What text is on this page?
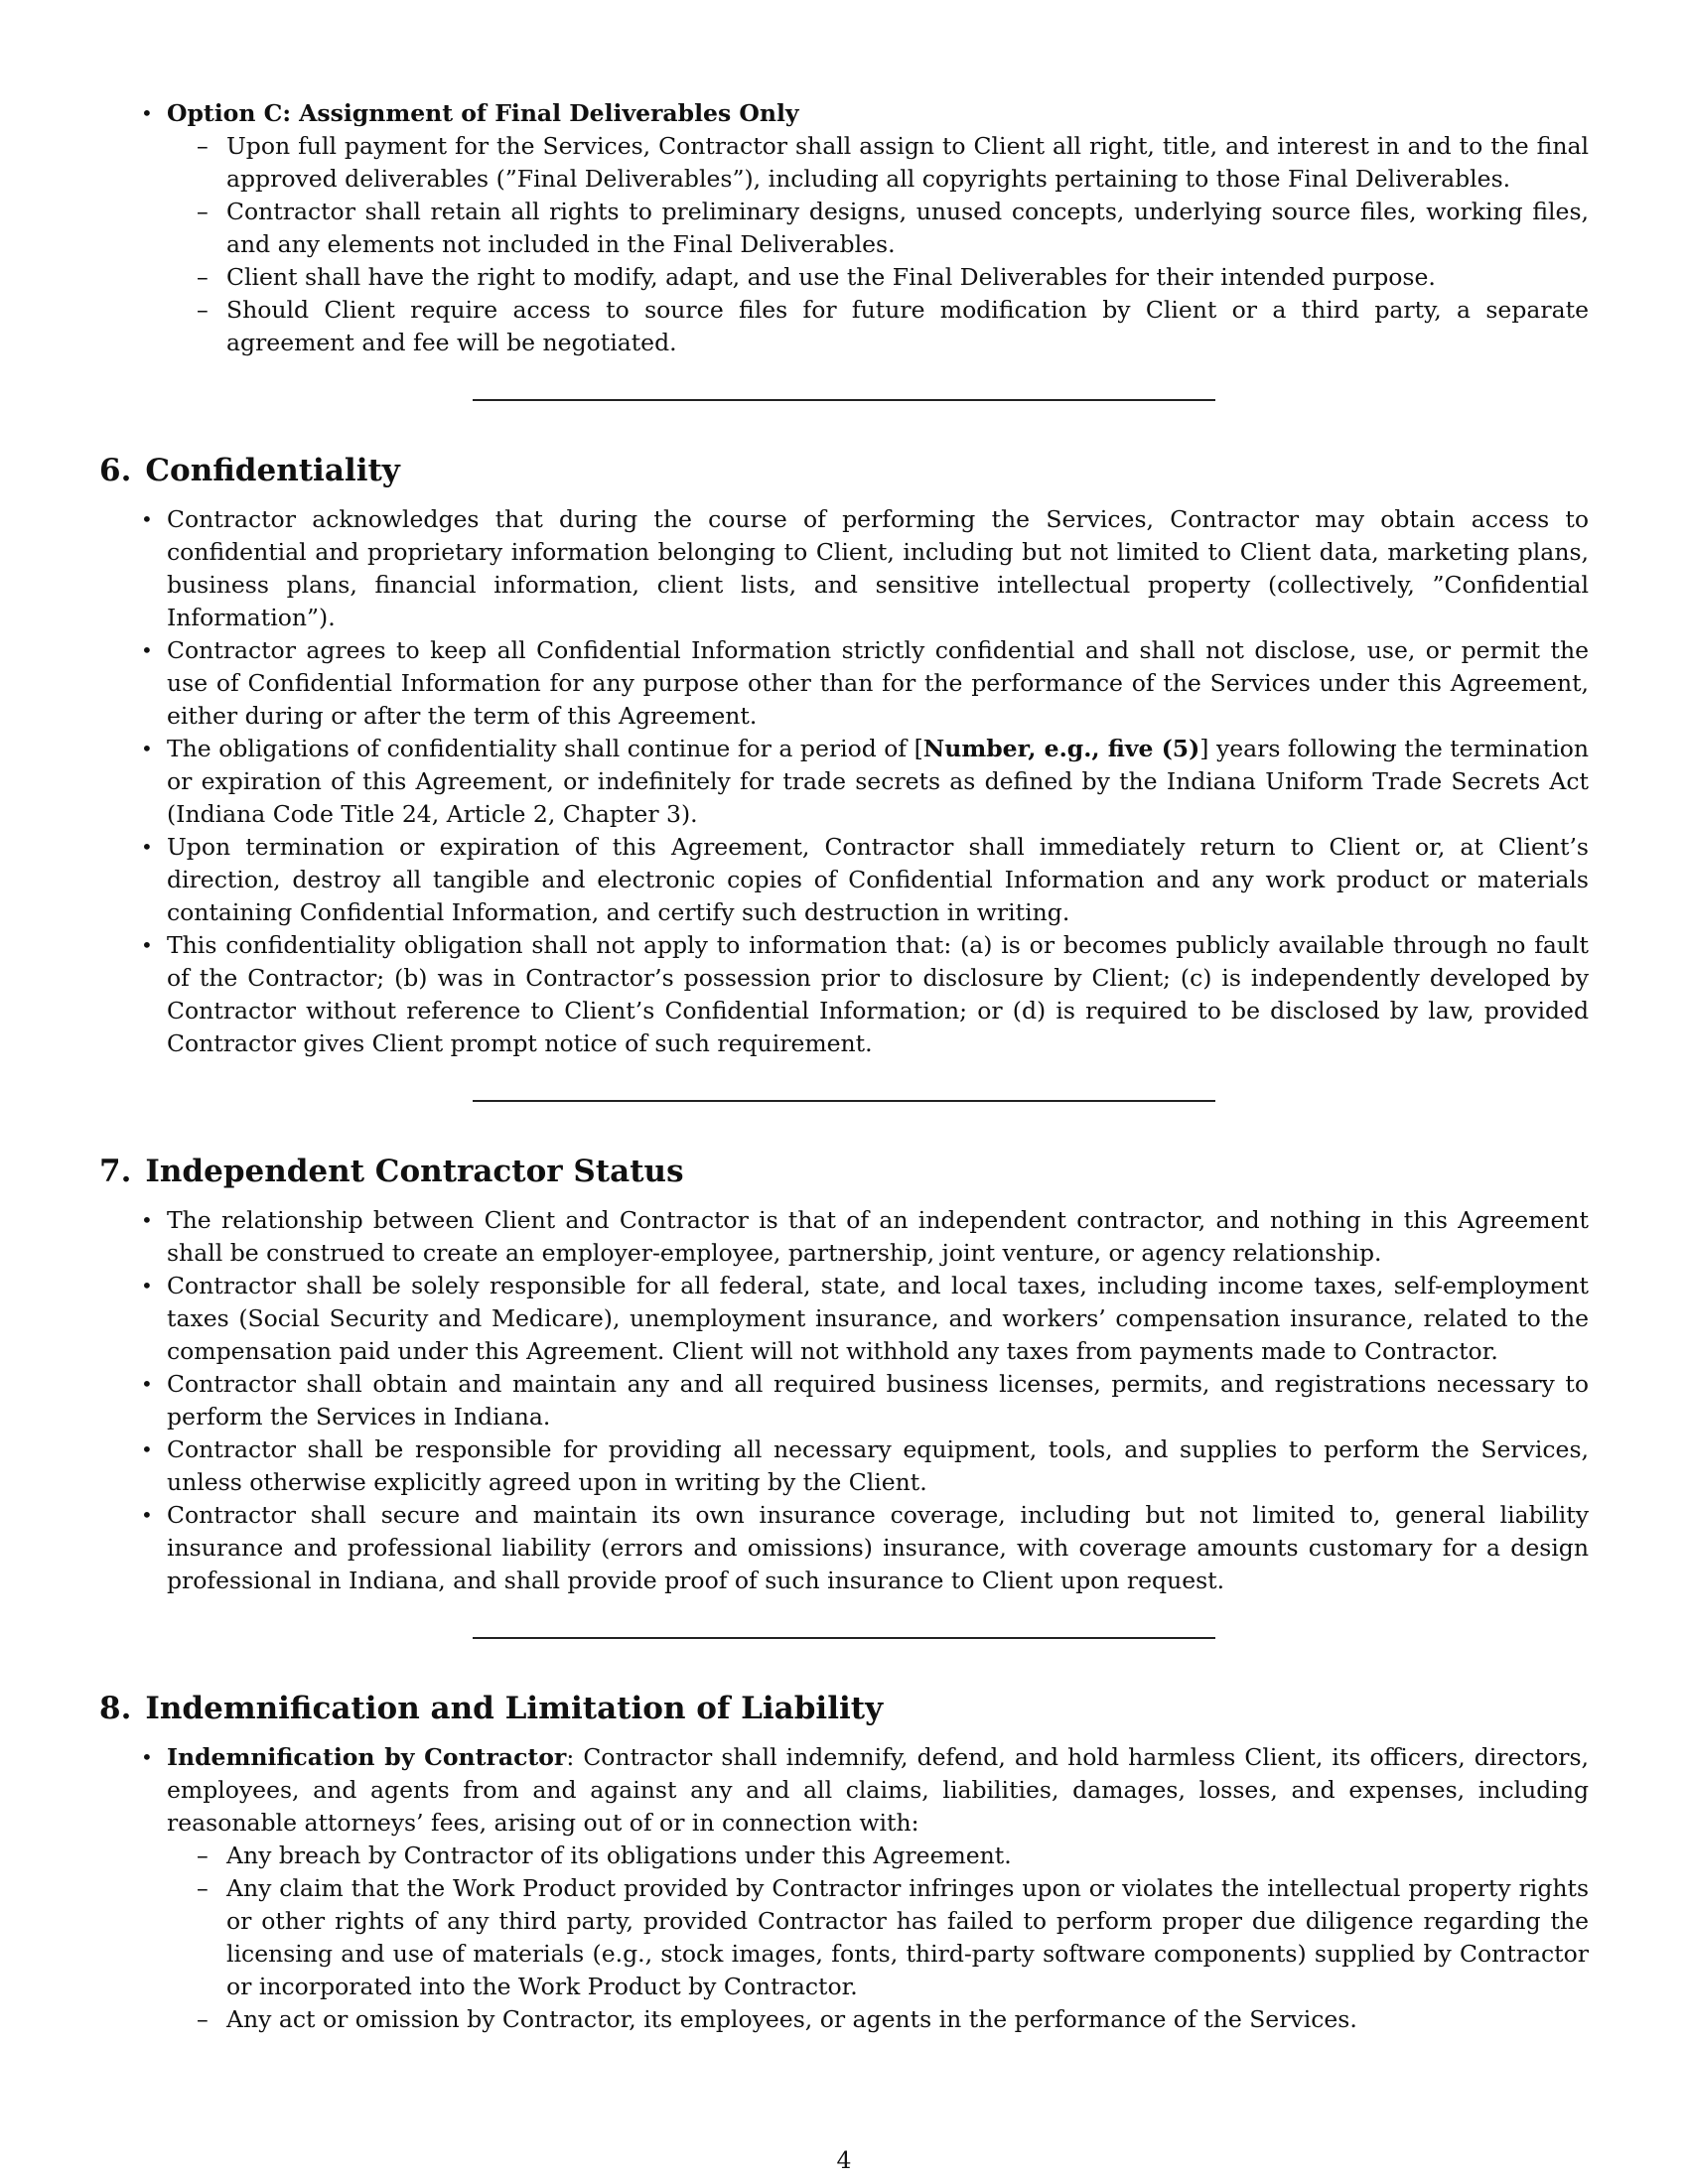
• Option C: Assignment of Final Deliverables Only
– Upon full payment for the Services, Contractor shall assign to Client all right, title, and interest in and to the final approved deliverables (”Final Deliverables”), including all copyrights pertaining to those Final Deliverables.
– Contractor shall retain all rights to preliminary designs, unused concepts, underlying source files, working files, and any elements not included in the Final Deliverables.
– Client shall have the right to modify, adapt, and use the Final Deliverables for their intended purpose.
– Should Client require access to source files for future modification by Client or a third party, a separate agreement and fee will be negotiated.
6. Confidentiality
• Contractor acknowledges that during the course of performing the Services, Contractor may obtain access to confidential and proprietary information belonging to Client, including but not limited to Client data, marketing plans, business plans, financial information, client lists, and sensitive intellectual property (collectively, ”Confidential Information”).
• Contractor agrees to keep all Confidential Information strictly confidential and shall not disclose, use, or permit the use of Confidential Information for any purpose other than for the performance of the Services under this Agreement, either during or after the term of this Agreement.
• The obligations of confidentiality shall continue for a period of [Number, e.g., five (5)] years following the termination or expiration of this Agreement, or indefinitely for trade secrets as defined by the Indiana Uniform Trade Secrets Act (Indiana Code Title 24, Article 2, Chapter 3).
• Upon termination or expiration of this Agreement, Contractor shall immediately return to Client or, at Client’s direction, destroy all tangible and electronic copies of Confidential Information and any work product or materials containing Confidential Information, and certify such destruction in writing.
• This confidentiality obligation shall not apply to information that: (a) is or becomes publicly available through no fault of the Contractor; (b) was in Contractor’s possession prior to disclosure by Client; (c) is independently developed by Contractor without reference to Client’s Confidential Information; or (d) is required to be disclosed by law, provided Contractor gives Client prompt notice of such requirement.
7. Independent Contractor Status
• The relationship between Client and Contractor is that of an independent contractor, and nothing in this Agreement shall be construed to create an employer-employee, partnership, joint venture, or agency relationship.
• Contractor shall be solely responsible for all federal, state, and local taxes, including income taxes, self-employment taxes (Social Security and Medicare), unemployment insurance, and workers’ compensation insurance, related to the compensation paid under this Agreement. Client will not withhold any taxes from payments made to Contractor.
• Contractor shall obtain and maintain any and all required business licenses, permits, and registrations necessary to perform the Services in Indiana.
• Contractor shall be responsible for providing all necessary equipment, tools, and supplies to perform the Services, unless otherwise explicitly agreed upon in writing by the Client.
• Contractor shall secure and maintain its own insurance coverage, including but not limited to, general liability insurance and professional liability (errors and omissions) insurance, with coverage amounts customary for a design professional in Indiana, and shall provide proof of such insurance to Client upon request.
8. Indemnification and Limitation of Liability
• Indemnification by Contractor: Contractor shall indemnify, defend, and hold harmless Client, its officers, directors, employees, and agents from and against any and all claims, liabilities, damages, losses, and expenses, including reasonable attorneys’ fees, arising out of or in connection with:
– Any breach by Contractor of its obligations under this Agreement.
– Any claim that the Work Product provided by Contractor infringes upon or violates the intellectual property rights or other rights of any third party, provided Contractor has failed to perform proper due diligence regarding the licensing and use of materials (e.g., stock images, fonts, third-party software components) supplied by Contractor or incorporated into the Work Product by Contractor.
– Any act or omission by Contractor, its employees, or agents in the performance of the Services.
4
